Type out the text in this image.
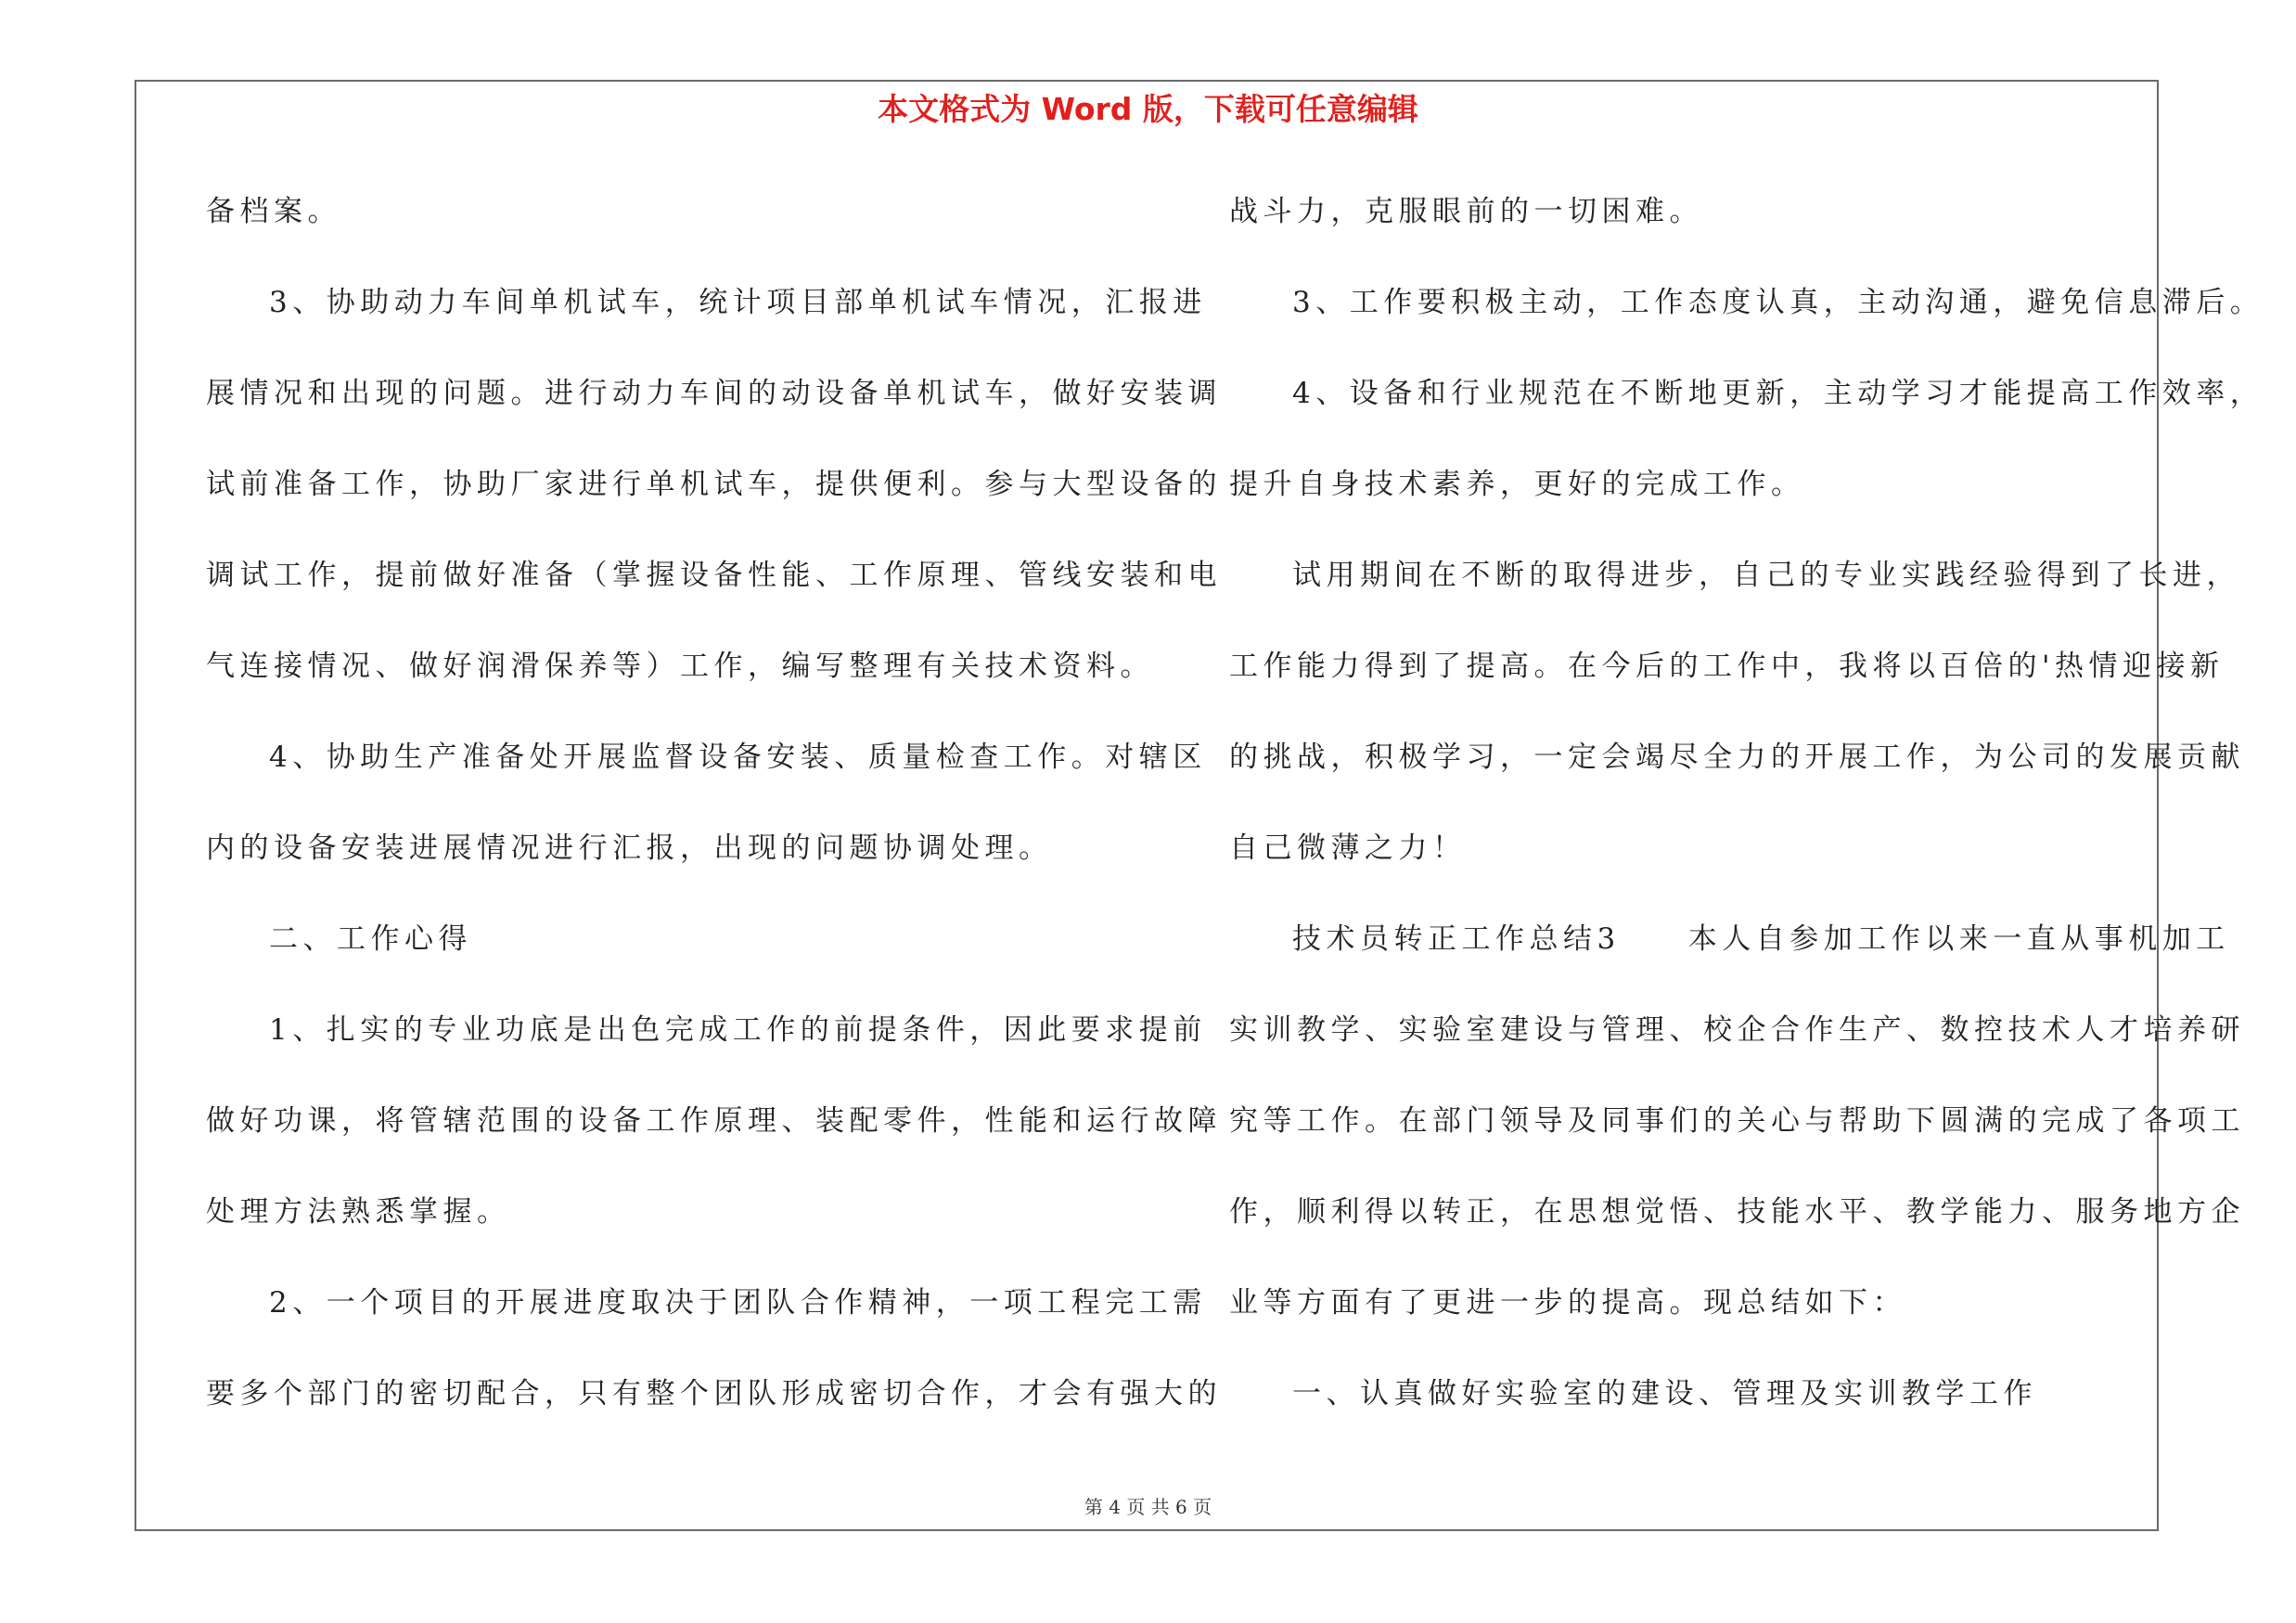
本文格式为 Word 版，下载可任意编辑
备档案。
3、协助动力车间单机试车，统计项目部单机试车情况，汇报进
展情况和出现的问题。进行动力车间的动设备单机试车，做好安装调
试前准备工作，协助厂家进行单机试车，提供便利。参与大型设备的
调试工作，提前做好准备（掌握设备性能、工作原理、管线安装和电
气连接情况、做好润滑保养等）工作，编写整理有关技术资料。
4、协助生产准备处开展监督设备安装、质量检查工作。对辖区
内的设备安装进展情况进行汇报，出现的问题协调处理。
二、工作心得
1、扎实的专业功底是出色完成工作的前提条件，因此要求提前
做好功课，将管辖范围的设备工作原理、装配零件，性能和运行故障
处理方法熟悉掌握。
2、一个项目的开展进度取决于团队合作精神，一项工程完工需
要多个部门的密切配合，只有整个团队形成密切合作，才会有强大的
战斗力，克服眼前的一切困难。
3、工作要积极主动，工作态度认真，主动沟通，避免信息滞后。
4、设备和行业规范在不断地更新，主动学习才能提高工作效率，
提升自身技术素养，更好的完成工作。
试用期间在不断的取得进步，自己的专业实践经验得到了长进，
工作能力得到了提高。在今后的工作中，我将以百倍的'热情迎接新
的挑战，积极学习，一定会竭尽全力的开展工作，为公司的发展贡献
自己微薄之力！
技术员转正工作总结3　　本人自参加工作以来一直从事机加工
实训教学、实验室建设与管理、校企合作生产、数控技术人才培养研
究等工作。在部门领导及同事们的关心与帮助下圆满的完成了各项工
作，顺利得以转正，在思想觉悟、技能水平、教学能力、服务地方企
业等方面有了更进一步的提高。现总结如下：
一、认真做好实验室的建设、管理及实训教学工作
第 4 页 共 6 页
